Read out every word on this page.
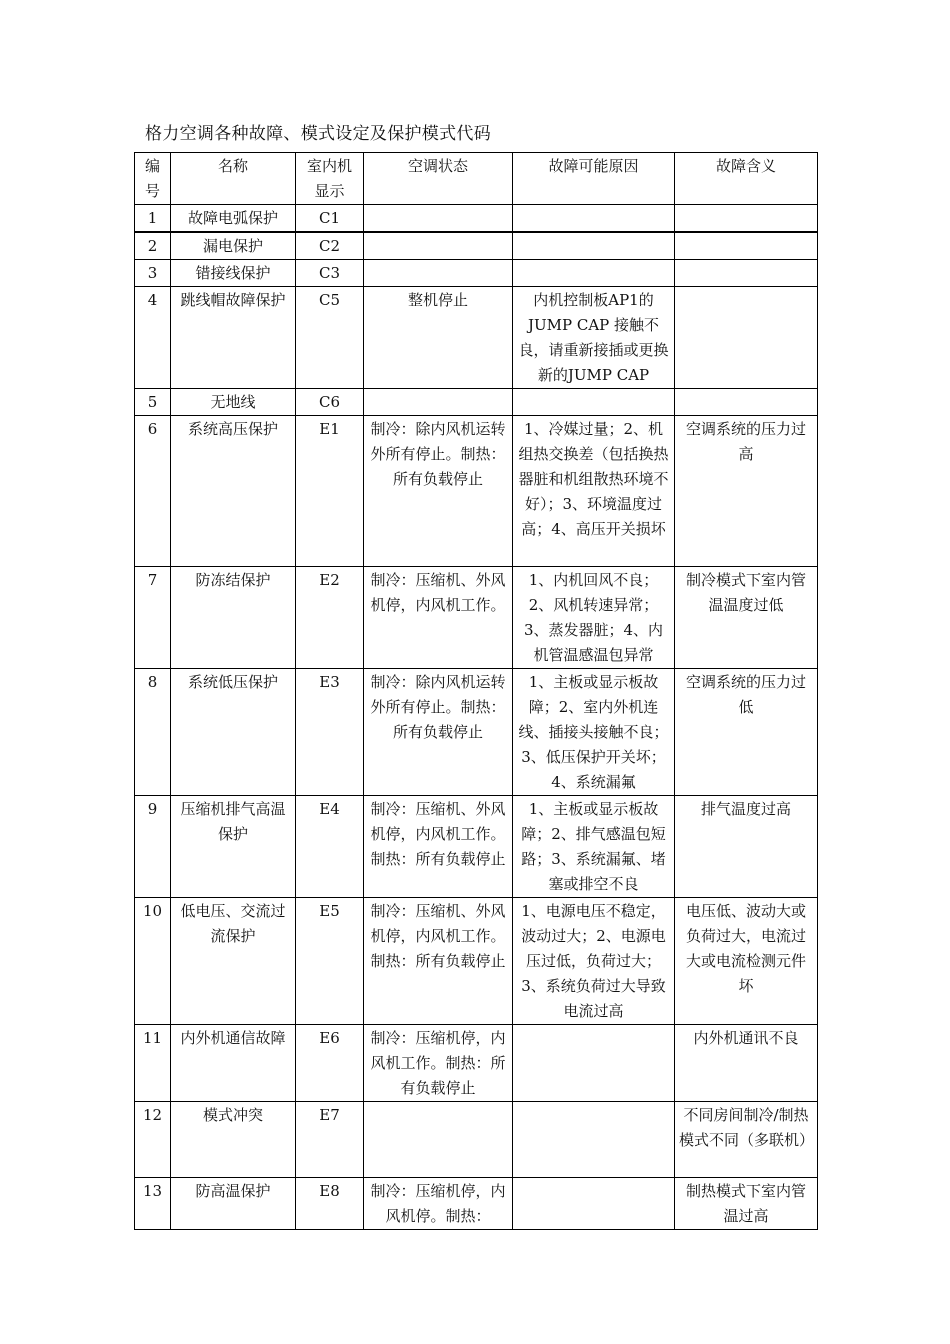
格力空调各种故障、模式设定及保护模式代码
编号	名称	室内机显示	空调状态	故障可能原因	故障含义
1	故障电弧保护	C1			
2	漏电保护	C2			
3	错接线保护	C3			
4	跳线帽故障保护	C5	整机停止	内机控制板AP1的JUMP CAP 接触不良，请重新接插或更换新的JUMP CAP	
5	无地线	C6			
6	系统高压保护	E1	制冷：除内风机运转外所有停止。制热：所有负载停止	1、冷媒过量；2、机组热交换差（包括换热器脏和机组散热环境不好）；3、环境温度过高；4、高压开关损坏	空调系统的压力过高
7	防冻结保护	E2	制冷：压缩机、外风机停，内风机工作。	1、内机回风不良；2、风机转速异常；3、蒸发器脏；4、内机管温感温包异常	制冷模式下室内管温温度过低
8	系统低压保护	E3	制冷：除内风机运转外所有停止。制热：所有负载停止	1、主板或显示板故障；2、室内外机连线、插接头接触不良；3、低压保护开关坏；4、系统漏氟	空调系统的压力过低
9	压缩机排气高温保护	E4	制冷：压缩机、外风机停，内风机工作。制热：所有负载停止	1、主板或显示板故障；2、排气感温包短路；3、系统漏氟、堵塞或排空不良	排气温度过高
10	低电压、交流过流保护	E5	制冷：压缩机、外风机停，内风机工作。制热：所有负载停止	1、电源电压不稳定，波动过大；2、电源电压过低，负荷过大；3、系统负荷过大导致电流过高	电压低、波动大或负荷过大，电流过大或电流检测元件坏
11	内外机通信故障	E6	制冷：压缩机停，内风机工作。制热：所有负载停止		内外机通讯不良
12	模式冲突	E7			不同房间制冷/制热模式不同（多联机）
13	防高温保护	E8	制冷：压缩机停，内风机停。制热：		制热模式下室内管温过高
